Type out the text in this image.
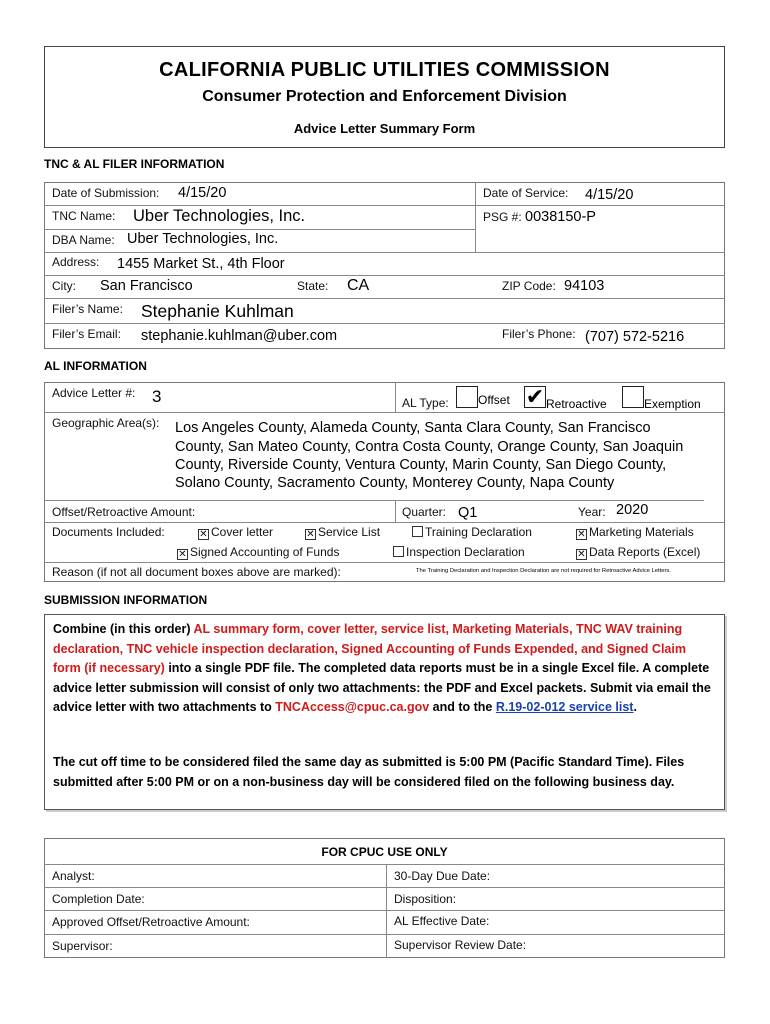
CALIFORNIA PUBLIC UTILITIES COMMISSION
Consumer Protection and Enforcement Division
Advice Letter Summary Form
TNC & AL FILER INFORMATION
Date of Submission: 4/15/20	Date of Service: 4/15/20
TNC Name: Uber Technologies, Inc.	PSG #: 0038150-P
DBA Name: Uber Technologies, Inc.
Address: 1455 Market St., 4th Floor
City: San Francisco	State: CA	ZIP Code: 94103
Filer’s Name: Stephanie Kuhlman
Filer’s Email: stephanie.kuhlman@uber.com	Filer’s Phone: (707) 572-5216
AL INFORMATION
Advice Letter #: 3	AL Type:	Offset ✔ Retroactive	Exemption
Geographic Area(s): Los Angeles County, Alameda County, Santa Clara County, San Francisco
County, San Mateo County, Contra Costa County, Orange County, San Joaquin
County, Riverside County, Ventura County, Marin County, San Diego County,
Solano County, Sacramento County, Monterey County, Napa County
Offset/Retroactive Amount:	Quarter: Q1	Year: 2020
Documents Included:	✕ Cover letter	✕ Service List	Training Declaration	✕ Marketing Materials
✕ Signed Accounting of Funds	Inspection Declaration	✕ Data Reports (Excel)
Reason (if not all document boxes above are marked):	The Training Declaration and Inspection Declaration are not required for Retroactive Advice Letters.
SUBMISSION INFORMATION
Combine (in this order) AL summary form, cover letter, service list, Marketing Materials, TNC WAV training declaration, TNC vehicle inspection declaration, Signed Accounting of Funds Expended, and Signed Claim form (if necessary) into a single PDF file. The completed data reports must be in a single Excel file. A complete advice letter submission will consist of only two attachments: the PDF and Excel packets. Submit via email the advice letter with two attachments to TNCAccess@cpuc.ca.gov and to the R.19-02-012 service list.
The cut off time to be considered filed the same day as submitted is 5:00 PM (Pacific Standard Time). Files submitted after 5:00 PM or on a non-business day will be considered filed on the following business day.
FOR CPUC USE ONLY
Analyst:	30-Day Due Date:
Completion Date:	Disposition:
Approved Offset/Retroactive Amount:	AL Effective Date:
Supervisor:	Supervisor Review Date:
